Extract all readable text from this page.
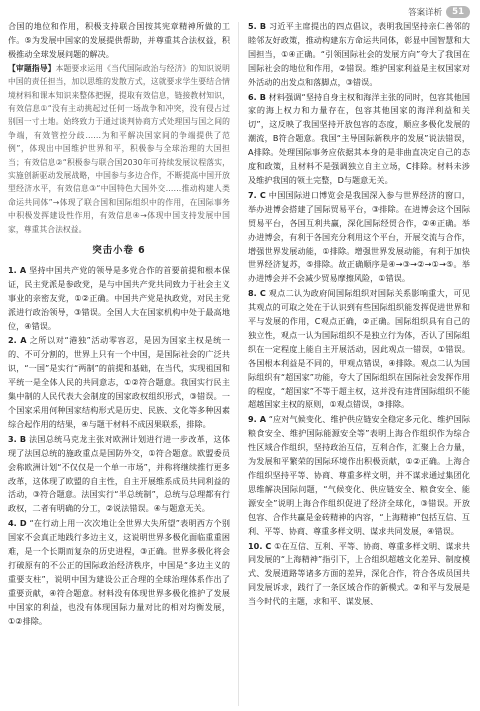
答案详析	51

合国的地位和作用，积极支持联合国按其宪章精神所做的工作。⑤为发展中国家的发展提供帮助，并尊重其合法权益，积极推动全球发展问题的解决。

【审题指导】本题要求运用《当代国际政治与经济》的知识说明中国的责任担当，加以思维的发散方式，这就要求学生要结合情境材料和课本知识来整体把握，提取有效信息，链接教材知识，有效信息①“没有主动挑起过任何一场战争和冲突，没有侵占过别国一寸土地。始终致力于通过谈判协商方式处理国与国之间的争端，有效管控分歧……为和平解决国家间的争端提供了范例”，体现出中国维护世界和平，积极参与全球治理的大国担当；有效信息②“积极参与联合国2030年可持续发展议程落实，实施创新驱动发展战略，中国参与多边合作，不断提高中国开放型经济水平，有效信息③“中国特色大国外交……推动构建人类命运共同体”→体现了联合国和国际组织中的作用，在国际事务中积极发挥建设性作用，有效信息④→体现中国支持发展中国家，尊重其合法权益。

突击小卷 6

1. A 坚持中国共产党的领导是多党合作的首要前提和根本保证，民主党派是参政党，是与中国共产党共同致力于社会主义事业的亲密友党，①②正确。中国共产党是执政党，对民主党派进行政治领导，③错误。全国人大在国家机构中处于最高地位，④错误。

2. A 之所以对“港独”活动零容忍，是因为国家主权是统一的、不可分割的，世界上只有一个中国，是国际社会的广泛共识，“一国”是实行“两制”的前提和基础，在当代，实现祖国和平统一是全体人民的共同意志，①②符合题意。我国实行民主集中制的人民代表大会制度的国家政权组织形式，③错误。一个国家采用何种国家结构形式是历史、民族、文化等多种因素综合起作用的结果，④与题干材料不成因果联系，排除。

3. B 法国总统马克龙主张对欧洲计划进行进一步改革，这体现了法国总统的施政重点是国防外交，①符合题意。欧盟委员会称欧洲计划“不仅仅是一个单一市场”，并称将继续推行更多改革，这体现了欧盟的自主性，自主开展维系成员共同利益的活动，③符合题意。法国实行“半总统制”，总统与总理都有行政权，二者有明确的分工，②说法错误。④与题意无关。

4. D “在行动上用一次次地让全世界大失所望”表明西方个别国家不会真正地践行多边主义，这说明世界多极化面临重重困难，是一个长期而复杂的历史进程，③正确。世界多极化将会打破原有的不公正的国际政治经济秩序，中国是“多边主义的重要支柱”，说明中国为建设公正合理的全球治理体系作出了重要贡献，④符合题意。材料没有体现世界多极化推护了发展中国家的利益，也没有体现国际力量对比的相对均衡发展，①②排除。

5. B 习近平主席提出的四点倡议，表明我国坚持亲仁善邻的睦邻友好政策，推动构建东方命运共同体，彰显中国智慧和大国担当，①④正确。“引领国际社会的发展方向”夸大了我国在国际社会的地位和作用，②错误。维护国家利益是主权国家对外活动的出发点和落脚点，③错误。

6. B 材料强调“坚持自身主权和海洋主张的同时，包容其他国家的海上权力和力量存在，包容其他国家的海洋利益和关切”，这反映了我国坚持开放包容的态度，顺应多极化发展的潮流，B符合题意。我国“主导国际新秩序的发展”说法错误，A排除。处理国际事务应依据其本身的是非曲直决定自己的态度和政策，且材料不是强调独立自主立场，C排除。材料未涉及维护我国的领土完整，D与题意无关。

7. C 中国国际进口博览会是我国深入参与世界经济的窗口，举办进博会搭建了国际贸易平台，③排除。在进博会这个国际贸易平台，各国互利共赢，深化国际经贸合作，②④正确。举办进博会，有利于各国充分利用这个平台，开展交流与合作，增强世界发展动能，①排除。增强世界发展动能，有利于加快世界经济复苏，⑤排除。故正确顺序是④→③→②→①→⑤。举办进博会并不会减少贸易摩擦风险，①错误。

8. C 观点二认为政府间国际组织对国际关系影响重大，可见其观点的可取之处在于认识到有些国际组织能发挥促进世界和平与发展的作用，C观点正确，②正确。国际组织具有自己的独立性，观点一认为国际组织不是独立行为体，否认了国际组织在一定程度上能自主开展活动，因此观点一错误，①错误。各国根本利益是不同的，甲观点错误，④排除。观点二认为国际组织有“超国家”功能，夸大了国际组织在国际社会发挥作用的程度，“超国家”不等于超主权，这并没有违背国际组织不能超越国家主权的原则，①观点错误，③排除。

9. A “应对气候变化、维护供应链安全稳定多元化、维护国际粮食安全、维护国际能源安全等”表明上海合作组织作为综合性区域合作组织，坚持政治互信，互利合作，汇聚上合力量，为发展和平繁荣的国际环境作出积极贡献，①②正确。上海合作组织坚持平等、协商、尊重多样文明，并不谋求通过集团化思维解决国际问题，“气候变化、供应链安全、粮食安全、能源安全”说明上海合作组织促进了经济全球化，③错误。开放包容、合作共赢是金砖精神的内容，“上海精神”包括互信、互利、平等、协商、尊重多样文明、谋求共同发展，④错误。

10. C ①在互信、互利、平等、协商、尊重多样文明、谋求共同发展的“上海精神”指引下，上合组织超越文化差异、制度模式、发展道路等诸多方面的差异，深化合作，符合各成员国共同发展诉求，践行了一条区域合作的新模式。②和平与发展是当今时代的主题，求和平、谋发展、
